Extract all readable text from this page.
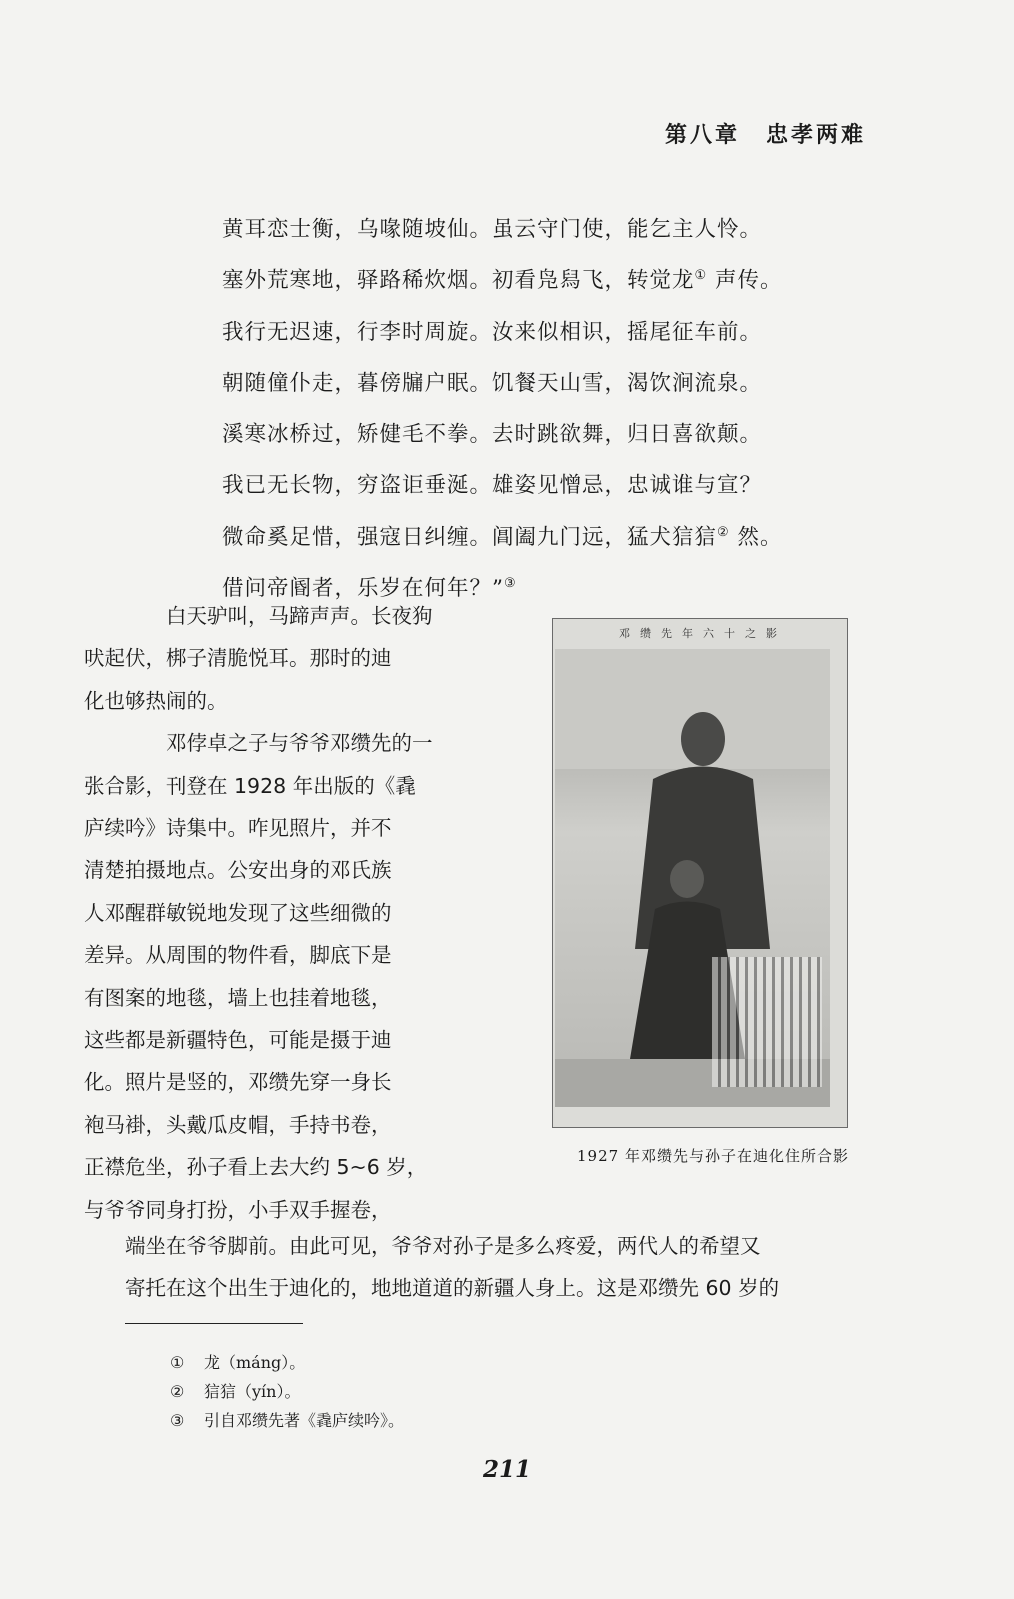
第八章 忠孝两难
黄耳恋士衡，乌喙随坡仙。虽云守门使，能乞主人怜。
塞外荒寒地，驿路稀炊烟。初看凫舄飞，转觉龙① 声传。
我行无迟速，行李时周旋。汝来似相识，摇尾征车前。
朝随僮仆走，暮傍牖户眠。饥餐天山雪，渴饮涧流泉。
溪寒冰桥过，矫健毛不拳。去时跳欲舞，归日喜欲颠。
我已无长物，穷盗讵垂涎。雄姿见憎忌，忠诚谁与宣？
微命奚足惜，强寇日纠缠。阊阖九门远，猛犬狺狺② 然。
借问帝阍者，乐岁在何年？”③

白天驴叫，马蹄声声。长夜狗
吠起伏，梆子清脆悦耳。那时的迪
化也够热闹的。

邓侼卓之子与爷爷邓缵先的一
张合影，刊登在 1928 年出版的《毳
庐续吟》诗集中。咋见照片，并不
清楚拍摄地点。公安出身的邓氏族
人邓醒群敏锐地发现了这些细微的
差异。从周围的物件看，脚底下是
有图案的地毯，墙上也挂着地毯，
这些都是新疆特色，可能是摄于迪
化。照片是竖的，邓缵先穿一身长
袍马褂，头戴瓜皮帽，手持书卷，
正襟危坐，孙子看上去大约 5~6 岁，
与爷爷同身打扮，小手双手握卷，

邓缵先年六十之影
1927 年邓缵先与孙子在迪化住所合影
端坐在爷爷脚前。由此可见，爷爷对孙子是多么疼爱，两代人的希望又
寄托在这个出生于迪化的，地地道道的新疆人身上。这是邓缵先 60 岁的
① 龙（máng）。
② 狺狺（yín）。
③ 引自邓缵先著《毳庐续吟》。
211
